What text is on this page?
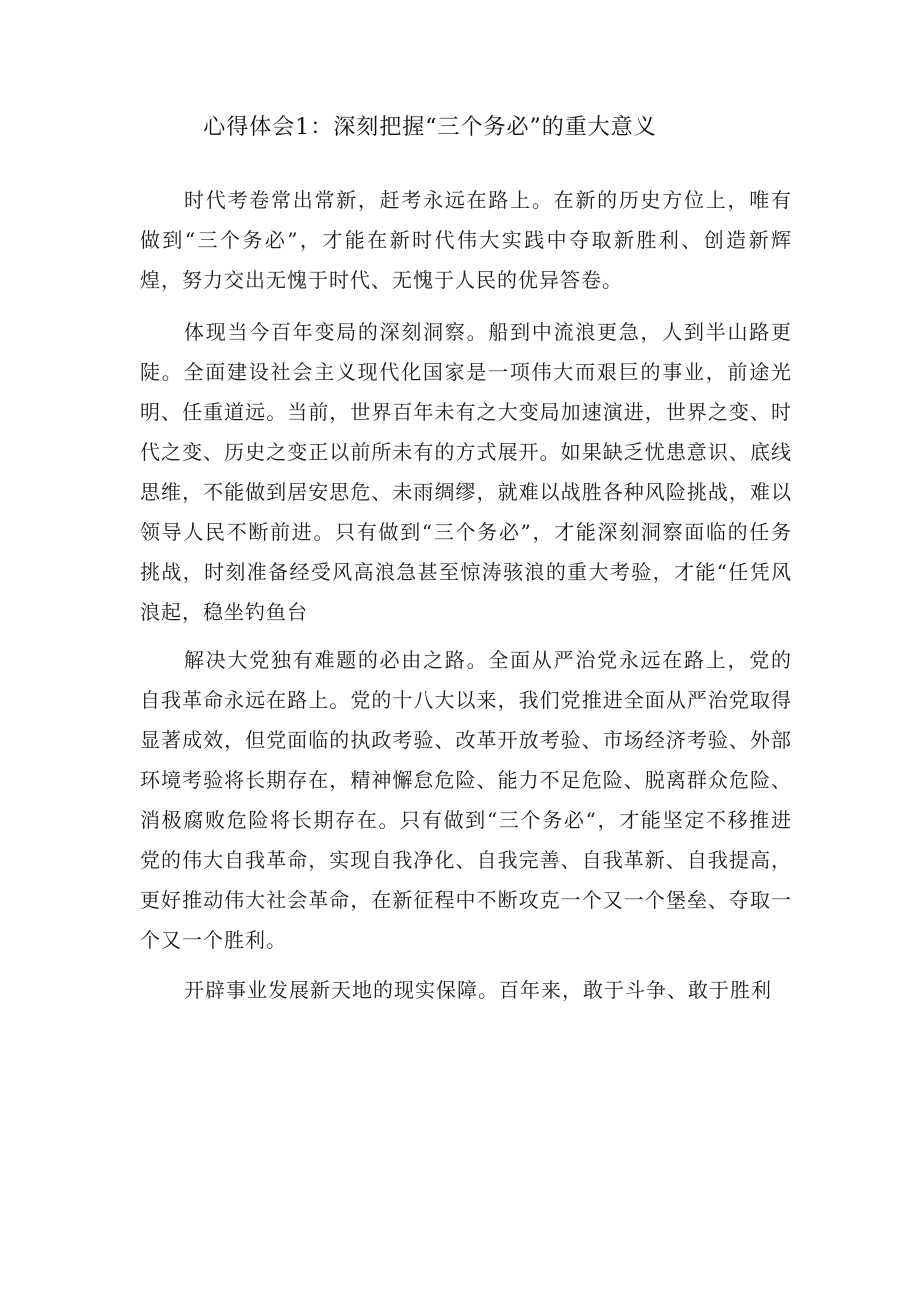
心得体会1：深刻把握“三个务必”的重大意义

时代考卷常出常新，赶考永远在路上。在新的历史方位上，唯有做到“三个务必”，才能在新时代伟大实践中夺取新胜利、创造新辉煌，努力交出无愧于时代、无愧于人民的优异答卷。

体现当今百年变局的深刻洞察。船到中流浪更急，人到半山路更陡。全面建设社会主义现代化国家是一项伟大而艰巨的事业，前途光明、任重道远。当前，世界百年未有之大变局加速演进，世界之变、时代之变、历史之变正以前所未有的方式展开。如果缺乏忧患意识、底线思维，不能做到居安思危、未雨绸缪，就难以战胜各种风险挑战，难以领导人民不断前进。只有做到“三个务必”，才能深刻洞察面临的任务挑战，时刻准备经受风高浪急甚至惊涛骇浪的重大考验，才能“任凭风浪起，稳坐钓鱼台

解决大党独有难题的必由之路。全面从严治党永远在路上，党的自我革命永远在路上。党的十八大以来，我们党推进全面从严治党取得显著成效，但党面临的执政考验、改革开放考验、市场经济考验、外部环境考验将长期存在，精神懈怠危险、能力不足危险、脱离群众危险、消极腐败危险将长期存在。只有做到“三个务必“，才能坚定不移推进党的伟大自我革命，实现自我净化、自我完善、自我革新、自我提高，更好推动伟大社会革命，在新征程中不断攻克一个又一个堡垒、夺取一个又一个胜利。

开辟事业发展新天地的现实保障。百年来，敢于斗争、敢于胜利
